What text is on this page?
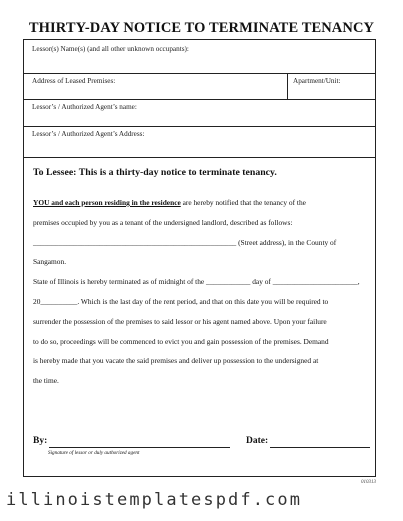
THIRTY-DAY NOTICE TO TERMINATE TENANCY
Lessor(s) Name(s) (and all other unknown occupants):
Address of Leased Premises:	Apartment/Unit:
Lessor’s / Authorized Agent’s name:
Lessor’s / Authorized Agent’s Address:
To Lessee: This is a thirty-day notice to terminate tenancy.
YOU and each person residing in the residence are hereby notified that the tenancy of the
premises occupied by you as a tenant of the undersigned landlord, described as follows:
_______________________________________________________ (Street address), in the County of Sangamon.
State of Illinois is hereby terminated as of midnight of the ____________ day of _______________________,
20__________. Which is the last day of the rent period, and that on this date you will be required to
surrender the possession of the premises to said lessor or his agent named above. Upon your failure
to do so, proceedings will be commenced to evict you and gain possession of the premises. Demand
is hereby made that you vacate the said premises and deliver up possession to the undersigned at
the time.
By:
Signature of lessor or duly authorized agent
Date:
010313
illinoistemplatespdf.com
